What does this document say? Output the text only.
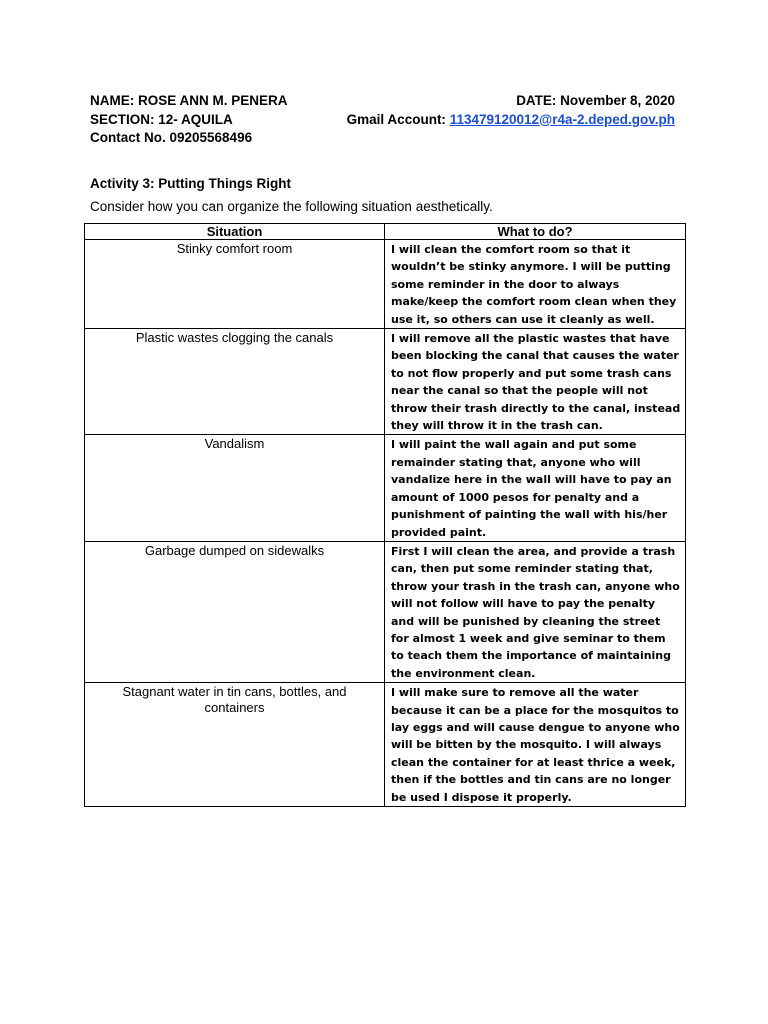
NAME: ROSE ANN M. PENERA	DATE: November 8, 2020
SECTION: 12- AQUILA	Gmail Account: 11347912001​2@r4a-2.deped.gov.ph
Contact No. 09205568496
Activity 3: Putting Things Right
Consider how you can organize the following situation aesthetically.
Situation	What to do?
Stinky comfort room	I will clean the comfort room so that it wouldn’t be stinky anymore. I will be putting some reminder in the door to always make/keep the comfort room clean when they use it, so others can use it cleanly as well.
Plastic wastes clogging the canals	I will remove all the plastic wastes that have been blocking the canal that causes the water to not flow properly and put some trash cans near the canal so that the people will not throw their trash directly to the canal, instead they will throw it in the trash can.
Vandalism	I will paint the wall again and put some remainder stating that, anyone who will vandalize here in the wall will have to pay an amount of 1000 pesos for penalty and a punishment of painting the wall with his/her provided paint.
Garbage dumped on sidewalks	First I will clean the area, and provide a trash can, then put some reminder stating that, throw your trash in the trash can, anyone who will not follow will have to pay the penalty and will be punished by cleaning the street for almost 1 week and give seminar to them to teach them the importance of maintaining the environment clean.
Stagnant water in tin cans, bottles, and containers	I will make sure to remove all the water because it can be a place for the mosquitos to lay eggs and will cause dengue to anyone who will be bitten by the mosquito. I will always clean the container for at least thrice a week, then if the bottles and tin cans are no longer be used I dispose it properly.
